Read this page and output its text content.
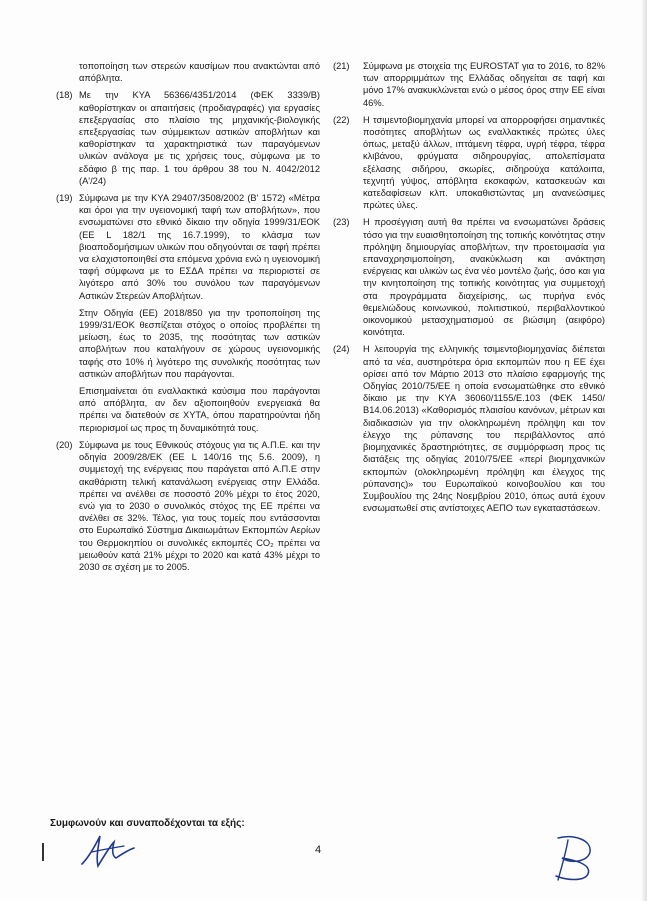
τοποποίηση των στερεών καυσίμων που ανακτώνται από απόβλητα.
(18) Με την ΚΥΑ 56366/4351/2014 (ΦΕΚ 3339/Β) καθορίστηκαν οι απαιτήσεις (προδιαγραφές) για εργασίες επεξεργασίας στο πλαίσιο της μηχανικής-βιολογικής επεξεργασίας των σύμμεικτων αστικών αποβλήτων και καθορίστηκαν τα χαρακτηριστικά των παραγόμενων υλικών ανάλογα με τις χρήσεις τους, σύμφωνα με το εδάφιο β της παρ. 1 του άρθρου 38 του Ν. 4042/2012 (Α'/24)
(19) Σύμφωνα με την ΚΥΑ 29407/3508/2002 (Β' 1572) «Μέτρα και όροι για την υγειονομική ταφή των αποβλήτων», που ενσωματώνει στο εθνικό δίκαιο την οδηγία 1999/31/ΕΟΚ (ΕΕ L 182/1 της 16.7.1999), το κλάσμα των βιοαποδομήσιμων υλικών που οδηγούνται σε ταφή πρέπει να ελαχιστοποιηθεί στα επόμενα χρόνια ενώ η υγειονομική ταφή σύμφωνα με το ΕΣΔΑ πρέπει να περιοριστεί σε λιγότερο από 30% του συνόλου των παραγόμενων Αστικών Στερεών Αποβλήτων.
Στην Οδηγία (ΕΕ) 2018/850 για την τροποποίηση της 1999/31/ΕΟΚ θεσπίζεται στόχος ο οποίος προβλέπει τη μείωση, έως το 2035, της ποσότητας των αστικών αποβλήτων που καταλήγουν σε χώρους υγειονομικής ταφής στο 10% ή λιγότερο της συνολικής ποσότητας των αστικών αποβλήτων που παράγονται.
Επισημαίνεται ότι εναλλακτικά καύσιμα που παράγονται από απόβλητα, αν δεν αξιοποιηθούν ενεργειακά θα πρέπει να διατεθούν σε ΧΥΤΑ, όπου παρατηρούνται ήδη περιορισμοί ως προς τη δυναμικότητά τους.
(20) Σύμφωνα με τους Εθνικούς στόχους για τις Α.Π.Ε. και την οδηγία 2009/28/ΕΚ (ΕΕ L 140/16 της 5.6. 2009), η συμμετοχή της ενέργειας που παράγεται από Α.Π.Ε στην ακαθάριστη τελική κατανάλωση ενέργειας στην Ελλάδα. πρέπει να ανέλθει σε ποσοστό 20% μέχρι το έτος 2020, ενώ για το 2030 ο συνολικός στόχος της ΕΕ πρέπει να ανέλθει σε 32%. Τέλος, για τους τομείς που εντάσσονται στο Ευρωπαϊκό Σύστημα Δικαιωμάτων Εκπομπών Αερίων του Θερμοκηπίου οι συνολικές εκπομπές CO₂ πρέπει να μειωθούν κατά 21% μέχρι το 2020 και κατά 43% μέχρι το 2030 σε σχέση με το 2005.
(21)	Σύμφωνα με στοιχεία της EUROSTAT για το 2016, το 82% των απορριμμάτων της Ελλάδας οδηγείται σε ταφή και μόνο 17% ανακυκλώνεται ενώ ο μέσος όρος στην ΕΕ είναι 46%.
(22)	Η τσιμεντοβιομηχανία μπορεί να απορροφήσει σημαντικές ποσότητες αποβλήτων ως εναλλακτικές πρώτες ύλες όπως, μεταξύ άλλων, ιπτάμενη τέφρα, υγρή τέφρα, τέφρα κλιβάνου, φρύγματα σιδηρουργίας, απολεπίσματα εξέλασης σιδήρου, σκωρίες, σιδηρούχα κατάλοιπα, τεχνητή γύψος, απόβλητα εκσκαφών, κατασκευών και κατεδαφίσεων κλπ. υποκαθιστώντας μη ανανεώσιμες πρώτες ύλες.
(23)	Η προσέγγιση αυτή θα πρέπει να ενσωματώνει δράσεις τόσο για την ευαισθητοποίηση της τοπικής κοινότητας στην πρόληψη δημιουργίας αποβλήτων, την προετοιμασία για επαναχρησιμοποίηση, ανακύκλωση και ανάκτηση ενέργειας και υλικών ως ένα νέο μοντέλο ζωής, όσο και για την κινητοποίηση της τοπικής κοινότητας για συμμετοχή στα προγράμματα διαχείρισης, ως πυρήνα ενός θεμελιώδους κοινωνικού, πολιτιστικού, περιβαλλοντικού οικονομικού μετασχηματισμού σε βιώσιμη (αειφόρο) κοινότητα.
(24)	Η λειτουργία της ελληνικής τσιμεντοβιομηχανίας διέπεται από τα νέα, αυστηρότερα όρια εκπομπών που η ΕΕ έχει ορίσει από τον Μάρτιο 2013 στο πλαίσιο εφαρμογής της Οδηγίας 2010/75/ΕΕ η οποία ενσωματώθηκε στο εθνικό δίκαιο με την ΚΥΑ 36060/1155/Ε.103 (ΦΕΚ 1450/Β14.06.2013) «Καθορισμός πλαισίου κανόνων, μέτρων και διαδικασιών για την ολοκληρωμένη πρόληψη και τον έλεγχο της ρύπανσης του περιβάλλοντος από βιομηχανικές δραστηριότητες, σε συμμόρφωση προς τις διατάξεις της οδηγίας 2010/75/ΕΕ «περί βιομηχανικών εκπομπών (ολοκληρωμένη πρόληψη και έλεγχος της ρύπανσης)» του Ευρωπαϊκού κοινοβουλίου και του Συμβουλίου της 24ης Νοεμβρίου 2010, όπως αυτά έχουν ενσωματωθεί στις αντίστοιχες ΑΕΠΟ των εγκαταστάσεων.
Συμφωνούν και συναποδέχονται τα εξής:
4
